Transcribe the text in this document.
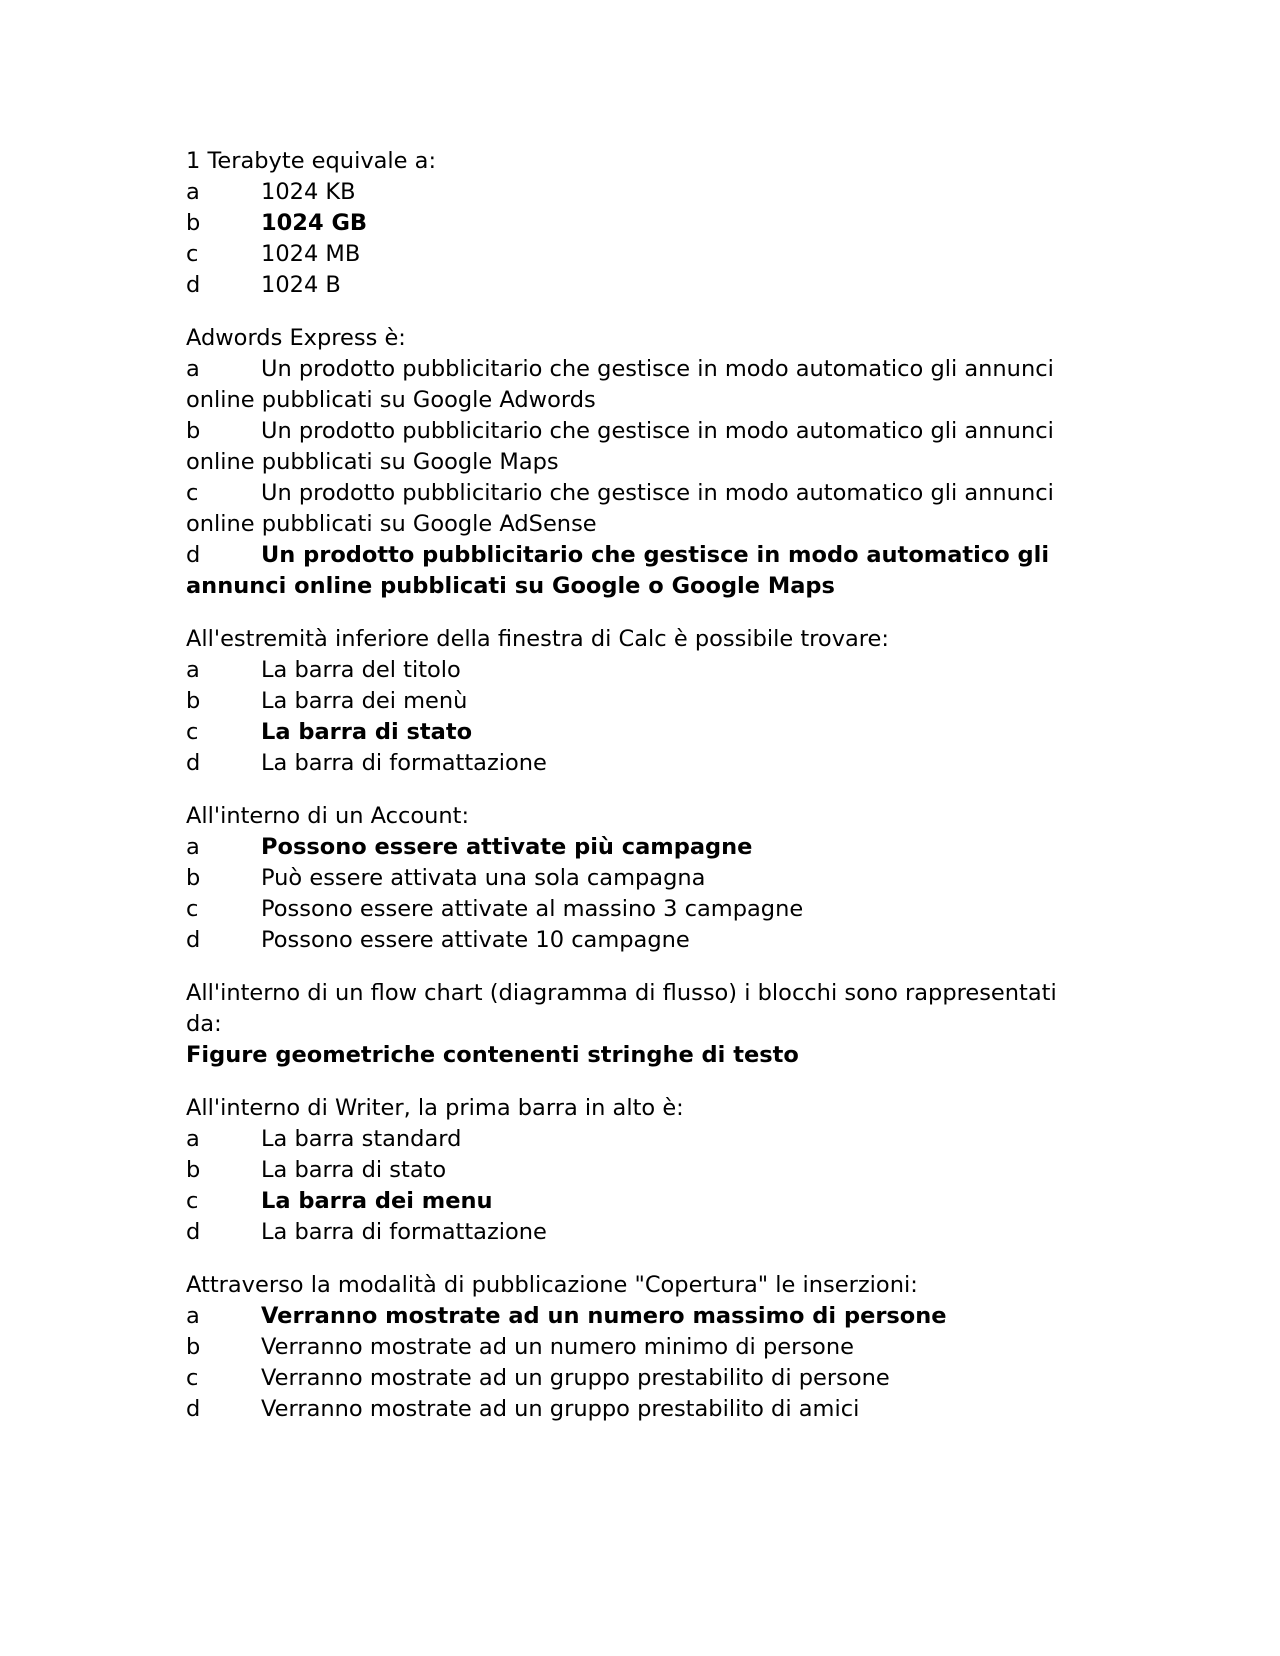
1 Terabyte equivale a:

a	1024 KB

b	1024 GB

c	1024 MB

d	1024 B

Adwords Express è:

a	Un prodotto pubblicitario che gestisce in modo automatico gli annunci online pubblicati su Google Adwords

b	Un prodotto pubblicitario che gestisce in modo automatico gli annunci online pubblicati su Google Maps

c	Un prodotto pubblicitario che gestisce in modo automatico gli annunci online pubblicati su Google AdSense

d	Un prodotto pubblicitario che gestisce in modo automatico gli annunci online pubblicati su Google o Google Maps

All'estremità inferiore della finestra di Calc è possibile trovare:

a	La barra del titolo

b	La barra dei menù

c	La barra di stato

d	La barra di formattazione

All'interno di un Account:

a	Possono essere attivate più campagne

b	Può essere attivata una sola campagna

c	Possono essere attivate al massino 3 campagne

d	Possono essere attivate 10 campagne

All'interno di un flow chart (diagramma di flusso) i blocchi sono rappresentati da:

Figure geometriche contenenti stringhe di testo

All'interno di Writer, la prima barra in alto è:

a	La barra standard

b	La barra di stato

c	La barra dei menu

d	La barra di formattazione

Attraverso la modalità di pubblicazione "Copertura" le inserzioni:

a	Verranno mostrate ad un numero massimo di persone

b	Verranno mostrate ad un numero minimo di persone

c	Verranno mostrate ad un gruppo prestabilito di persone

d	Verranno mostrate ad un gruppo prestabilito di amici
